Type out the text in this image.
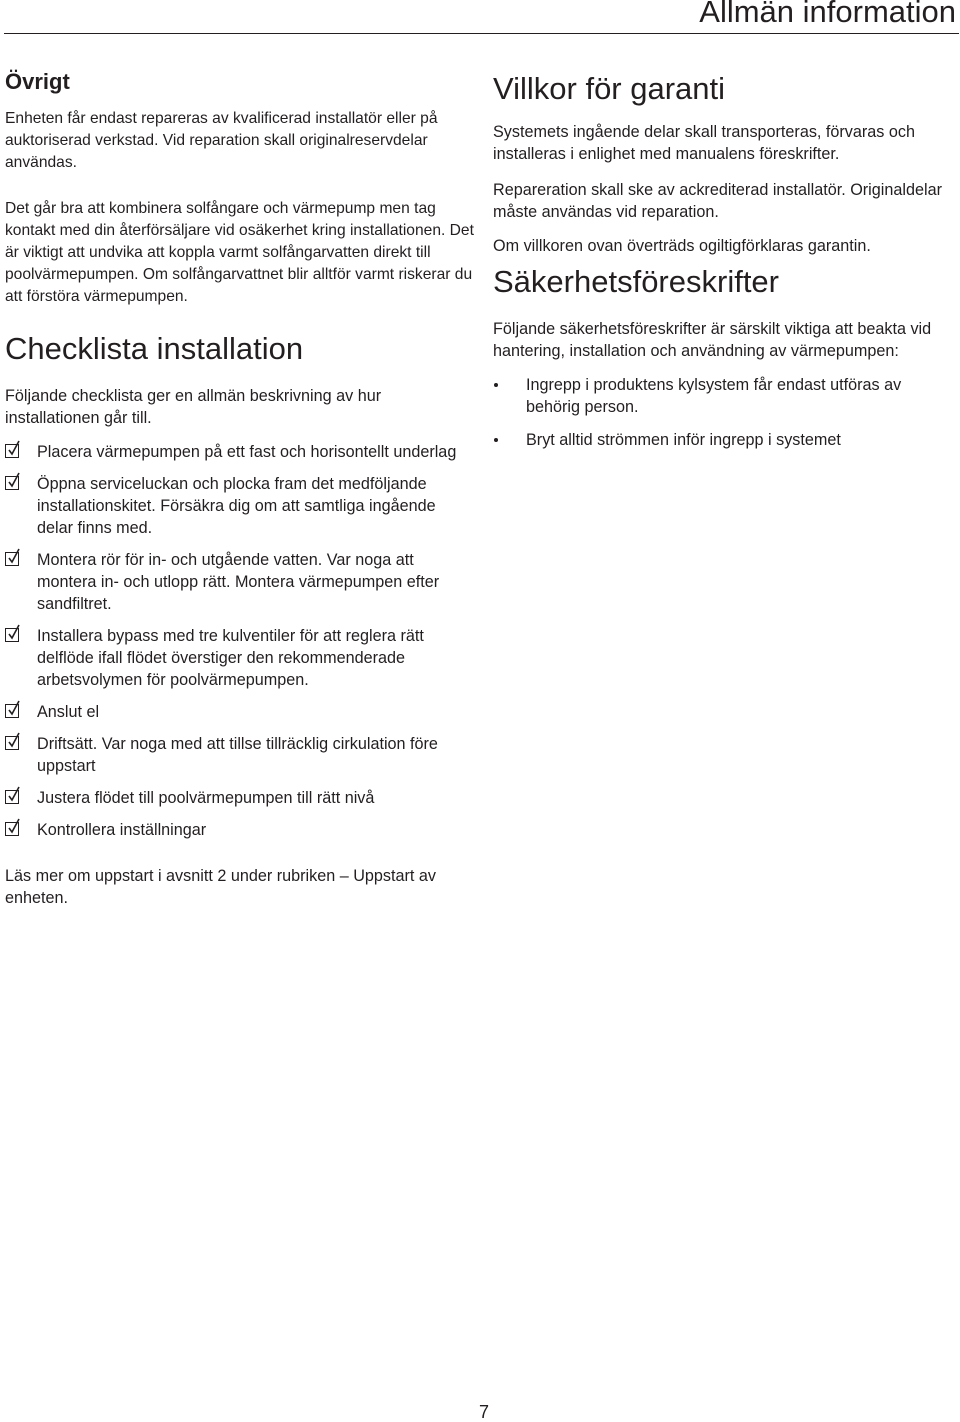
Allmän information
Övrigt

Enheten får endast repareras av kvalificerad installatör eller på auktoriserad verkstad. Vid reparation skall originalreservdelar användas.

Det går bra att kombinera solfångare och värmepump men tag kontakt med din återförsäljare vid osäkerhet kring installationen. Det är viktigt att undvika att koppla varmt solfångarvatten direkt till poolvärmepumpen. Om solfångarvattnet blir alltför varmt riskerar du att förstöra värmepumpen.

Checklista installation

Följande checklista ger en allmän beskrivning av hur installationen går till.

Placera värmepumpen på ett fast och horisontellt underlag
Öppna serviceluckan och plocka fram det medföljande installationskitet. Försäkra dig om att samtliga ingående delar finns med.
Montera rör för in- och utgående vatten. Var noga att montera in- och utlopp rätt. Montera värmepumpen efter sandfiltret.
Installera bypass med tre kulventiler för att reglera rätt delflöde ifall flödet överstiger den rekommenderade arbetsvolymen för poolvärmepumpen.
Anslut el
Driftsätt. Var noga med att tillse tillräcklig cirkulation före uppstart
Justera flödet till poolvärmepumpen till rätt nivå
Kontrollera inställningar

Läs mer om uppstart i avsnitt 2 under rubriken – Uppstart av enheten.

Villkor för garanti

Systemets ingående delar skall transporteras, förvaras och installeras i enlighet med manualens föreskrifter.

Repareration skall ske av ackrediterad installatör. Originaldelar måste användas vid reparation.

Om villkoren ovan överträds ogiltigförklaras garantin.

Säkerhetsföreskrifter

Följande säkerhetsföreskrifter är särskilt viktiga att beakta vid hantering, installation och användning av värmepumpen:

Ingrepp i produktens kylsystem får endast utföras av behörig person.
Bryt alltid strömmen inför ingrepp i systemet
7
